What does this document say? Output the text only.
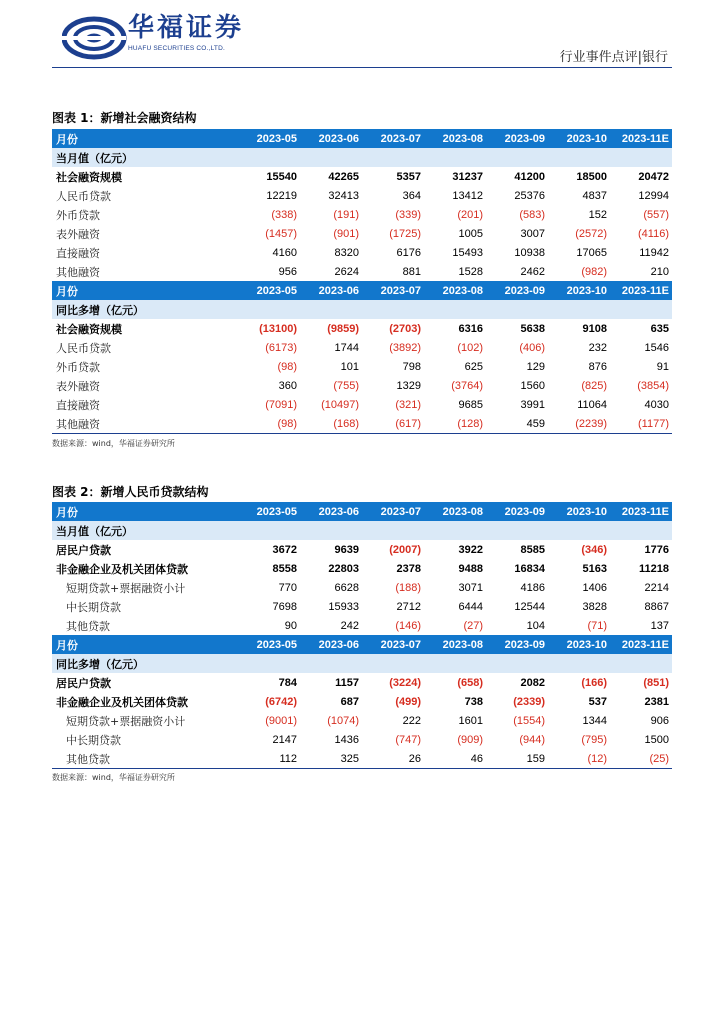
华福证券
HUAFU SECURITIES CO.,LTD.
行业事件点评|银行
图表 1：新增社会融资结构
月份	2023-05	2023-06	2023-07	2023-08	2023-09	2023-10	2023-11E
当月值（亿元）							
社会融资规模	15540	42265	5357	31237	41200	18500	20472
人民币贷款	12219	32413	364	13412	25376	4837	12994
外币贷款	(338)	(191)	(339)	(201)	(583)	152	(557)
表外融资	(1457)	(901)	(1725)	1005	3007	(2572)	(4116)
直接融资	4160	8320	6176	15493	10938	17065	11942
其他融资	956	2624	881	1528	2462	(982)	210
月份	2023-05	2023-06	2023-07	2023-08	2023-09	2023-10	2023-11E
同比多增（亿元）							
社会融资规模	(13100)	(9859)	(2703)	6316	5638	9108	635
人民币贷款	(6173)	1744	(3892)	(102)	(406)	232	1546
外币贷款	(98)	101	798	625	129	876	91
表外融资	360	(755)	1329	(3764)	1560	(825)	(3854)
直接融资	(7091)	(10497)	(321)	9685	3991	11064	4030
其他融资	(98)	(168)	(617)	(128)	459	(2239)	(1177)
数据来源：wind，华福证券研究所
图表 2：新增人民币贷款结构
月份	2023-05	2023-06	2023-07	2023-08	2023-09	2023-10	2023-11E
当月值（亿元）							
居民户贷款	3672	9639	(2007)	3922	8585	(346)	1776
非金融企业及机关团体贷款	8558	22803	2378	9488	16834	5163	11218
短期贷款+票据融资小计	770	6628	(188)	3071	4186	1406	2214
中长期贷款	7698	15933	2712	6444	12544	3828	8867
其他贷款	90	242	(146)	(27)	104	(71)	137
月份	2023-05	2023-06	2023-07	2023-08	2023-09	2023-10	2023-11E
同比多增（亿元）							
居民户贷款	784	1157	(3224)	(658)	2082	(166)	(851)
非金融企业及机关团体贷款	(6742)	687	(499)	738	(2339)	537	2381
短期贷款+票据融资小计	(9001)	(1074)	222	1601	(1554)	1344	906
中长期贷款	2147	1436	(747)	(909)	(944)	(795)	1500
其他贷款	112	325	26	46	159	(12)	(25)
数据来源：wind，华福证券研究所
